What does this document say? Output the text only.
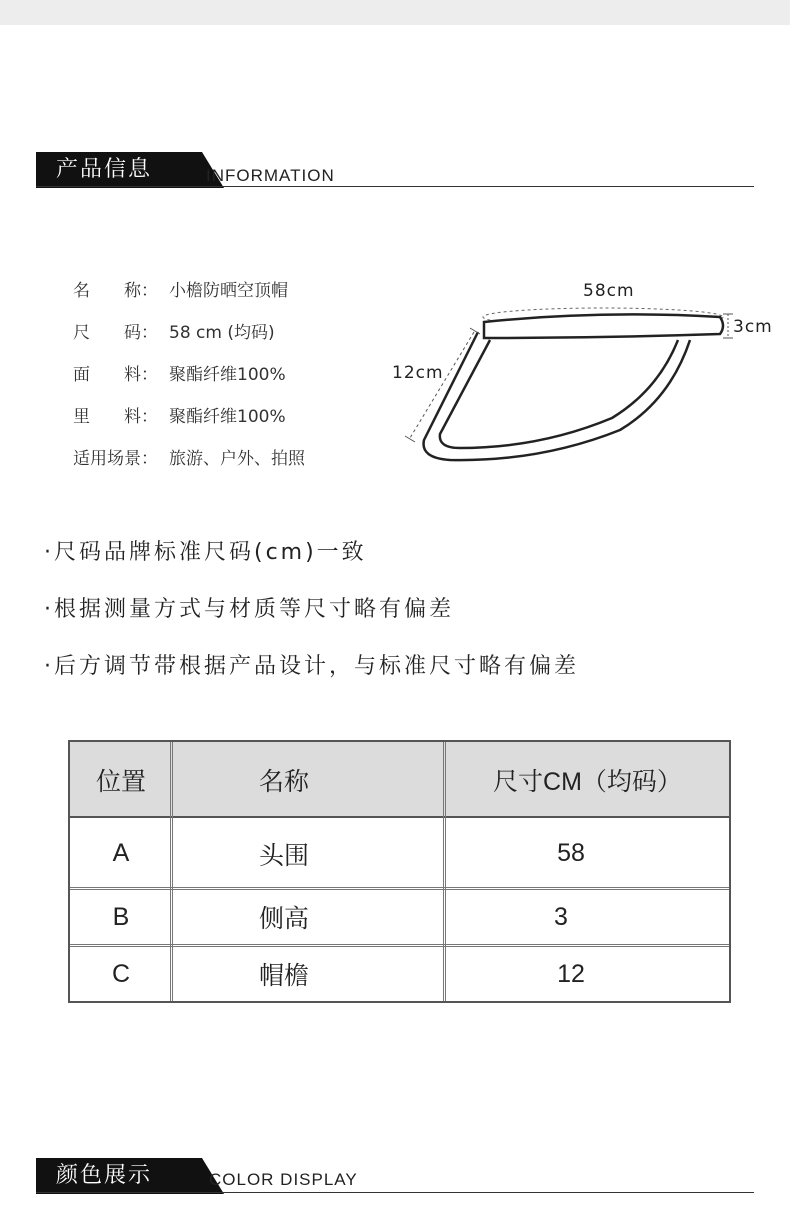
产品信息	INFORMATION
名　　称： 小檐防晒空顶帽
尺　　码： 58 cm (均码)
面　　料： 聚酯纤维100%
里　　料： 聚酯纤维100%
适用场景： 旅游、户外、拍照
58cm
3cm
12cm
·尺码品牌标准尺码(cm)一致
·根据测量方式与材质等尺寸略有偏差
·后方调节带根据产品设计，与标准尺寸略有偏差
位置	名称	尺寸CM（均码）
A	头围	58
B	侧高	3
C	帽檐	12
颜色展示	COLOR DISPLAY
